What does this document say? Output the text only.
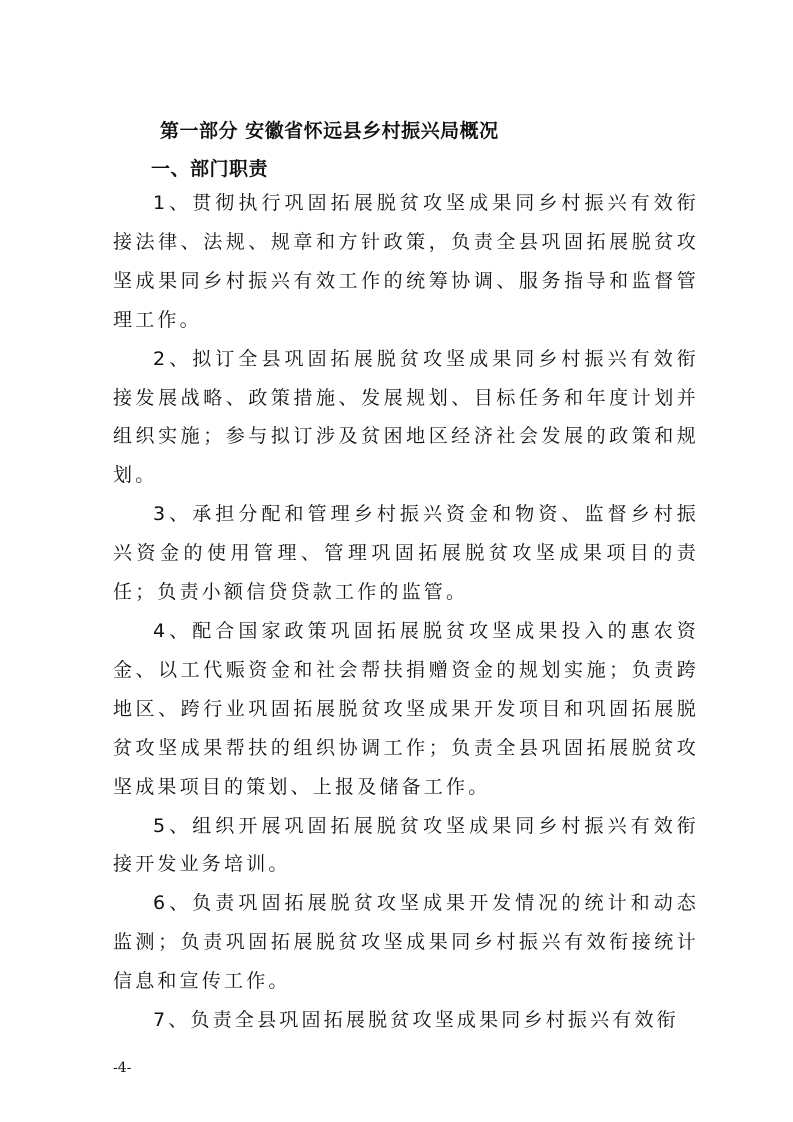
第一部分 安徽省怀远县乡村振兴局概况
一、部门职责

1、贯彻执行巩固拓展脱贫攻坚成果同乡村振兴有效衔接法律、法规、规章和方针政策，负责全县巩固拓展脱贫攻坚成果同乡村振兴有效工作的统筹协调、服务指导和监督管理工作。

2、拟订全县巩固拓展脱贫攻坚成果同乡村振兴有效衔接发展战略、政策措施、发展规划、目标任务和年度计划并组织实施；参与拟订涉及贫困地区经济社会发展的政策和规划。

3、承担分配和管理乡村振兴资金和物资、监督乡村振兴资金的使用管理、管理巩固拓展脱贫攻坚成果项目的责任；负责小额信贷贷款工作的监管。

4、配合国家政策巩固拓展脱贫攻坚成果投入的惠农资金、以工代赈资金和社会帮扶捐赠资金的规划实施；负责跨地区、跨行业巩固拓展脱贫攻坚成果开发项目和巩固拓展脱贫攻坚成果帮扶的组织协调工作；负责全县巩固拓展脱贫攻坚成果项目的策划、上报及储备工作。

5、组织开展巩固拓展脱贫攻坚成果同乡村振兴有效衔接开发业务培训。

6、负责巩固拓展脱贫攻坚成果开发情况的统计和动态监测；负责巩固拓展脱贫攻坚成果同乡村振兴有效衔接统计信息和宣传工作。

7、负责全县巩固拓展脱贫攻坚成果同乡村振兴有效衔

-4-
